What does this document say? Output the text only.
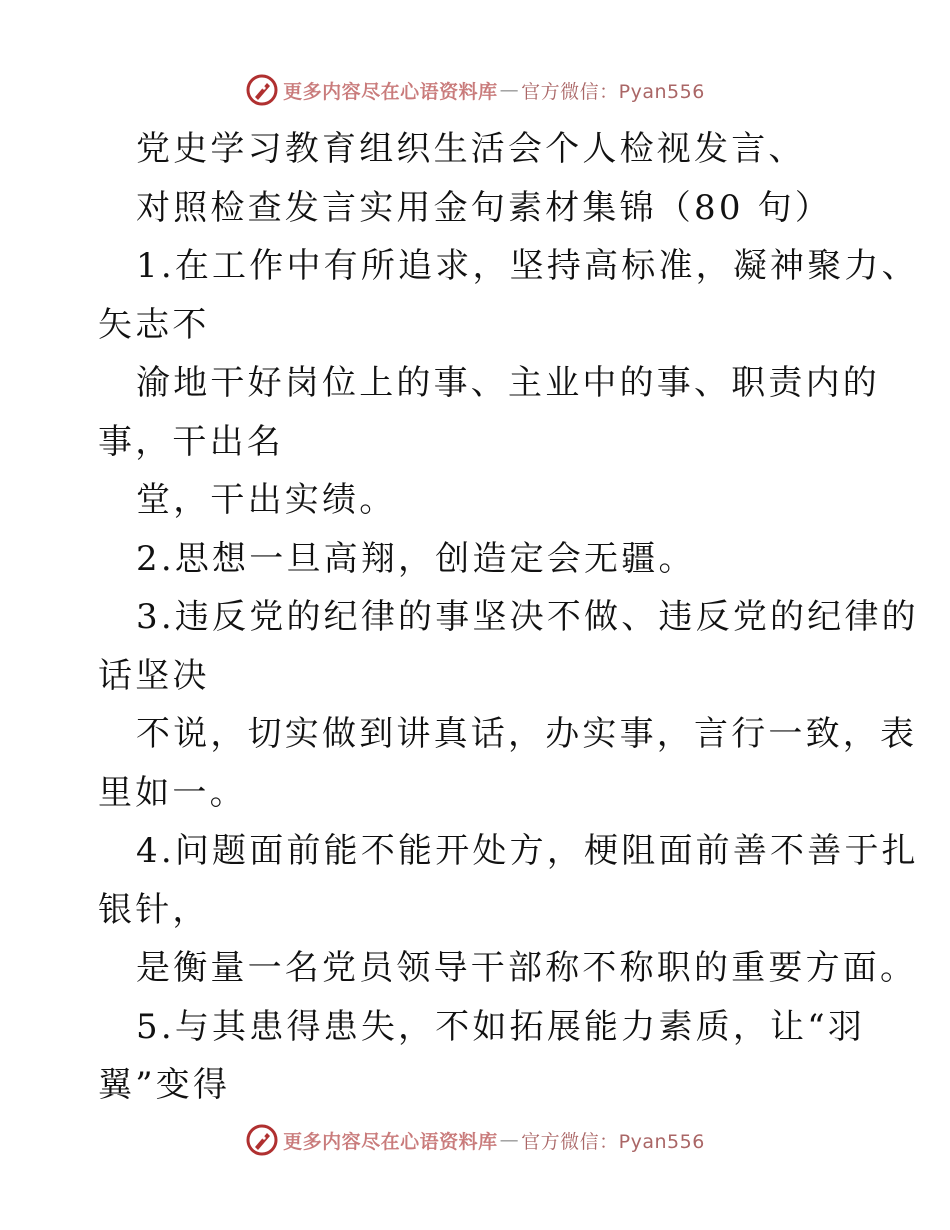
更多内容尽在心语资料库 — 官方微信：Pyan556
党史学习教育组织生活会个人检视发言、
对照检查发言实用金句素材集锦（80 句）
1.在工作中有所追求，坚持高标准，凝神聚力、
矢志不
渝地干好岗位上的事、主业中的事、职责内的
事，干出名
堂，干出实绩。
2.思想一旦高翔，创造定会无疆。
3.违反党的纪律的事坚决不做、违反党的纪律的
话坚决
不说，切实做到讲真话，办实事，言行一致，表
里如一。
4.问题面前能不能开处方，梗阻面前善不善于扎
银针，
是衡量一名党员领导干部称不称职的重要方面。
5.与其患得患失，不如拓展能力素质，让“羽
翼”变得
更多内容尽在心语资料库 — 官方微信：Pyan556
